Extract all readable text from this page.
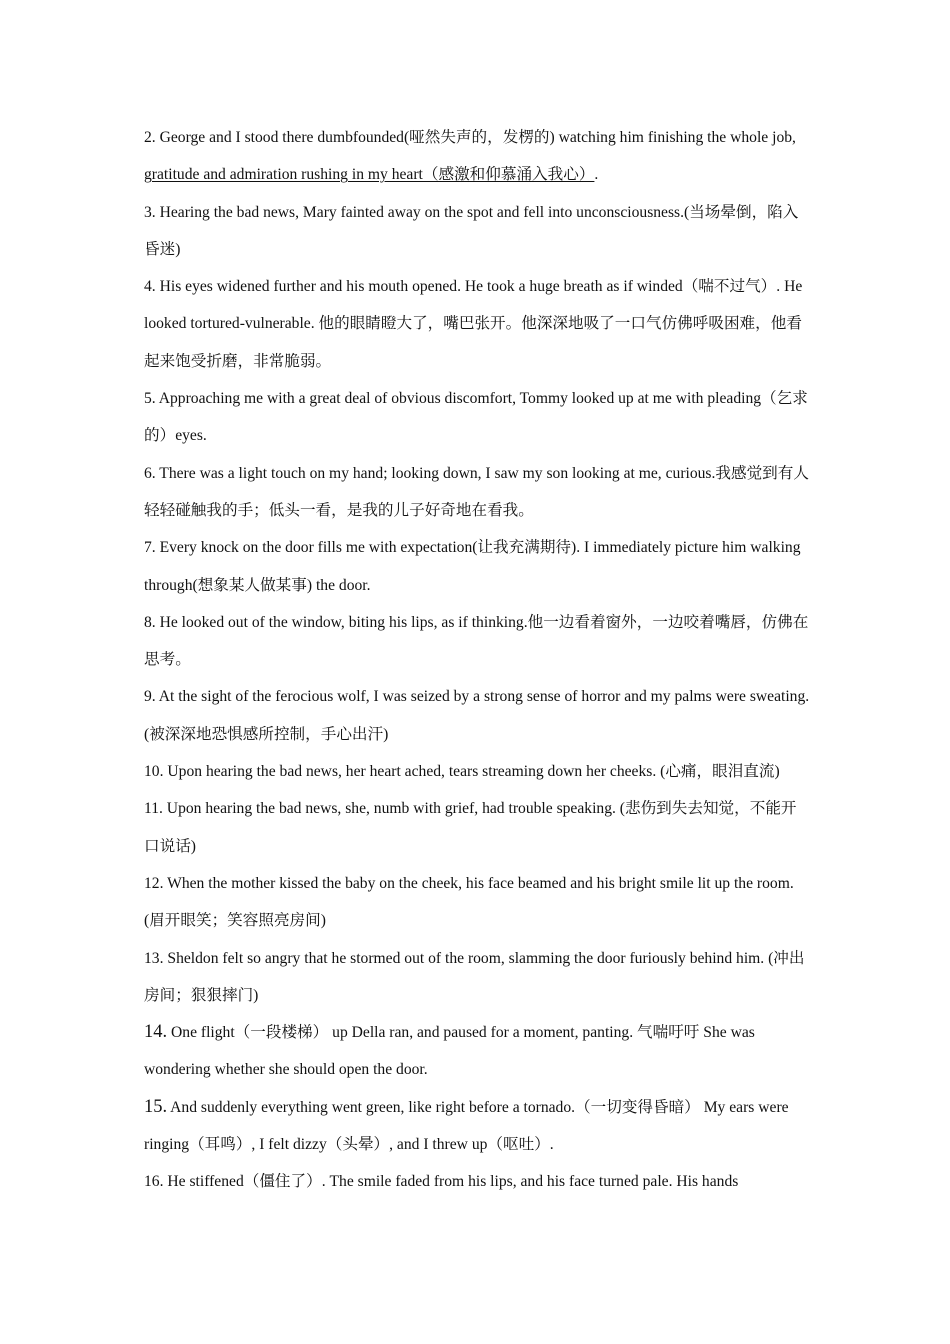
2. George and I stood there dumbfounded(哑然失声的，发楞的) watching him finishing the whole job, gratitude and admiration rushing in my heart（感激和仰慕涌入我心）.

3. Hearing the bad news, Mary fainted away on the spot and fell into unconsciousness.(当场晕倒，陷入昏迷)

4. His eyes widened further and his mouth opened. He took a huge breath as if winded（喘不过气）. He looked tortured-vulnerable. 他的眼睛瞪大了，嘴巴张开。他深深地吸了一口气仿佛呼吸困难，他看起来饱受折磨，非常脆弱。

5. Approaching me with a great deal of obvious discomfort, Tommy looked up at me with pleading（乞求的）eyes.

6. There was a light touch on my hand; looking down, I saw my son looking at me, curious.我感觉到有人轻轻碰触我的手；低头一看，是我的儿子好奇地在看我。

7. Every knock on the door fills me with expectation(让我充满期待). I immediately picture him walking through(想象某人做某事) the door.

8. He looked out of the window, biting his lips, as if thinking.他一边看着窗外，一边咬着嘴唇，仿佛在思考。

9. At the sight of the ferocious wolf, I was seized by a strong sense of horror and my palms were sweating. (被深深地恐惧感所控制，手心出汗)

10. Upon hearing the bad news, her heart ached, tears streaming down her cheeks. (心痛，眼泪直流)

11. Upon hearing the bad news, she, numb with grief, had trouble speaking. (悲伤到失去知觉，不能开口说话)

12. When the mother kissed the baby on the cheek, his face beamed and his bright smile lit up the room. (眉开眼笑；笑容照亮房间)

13. Sheldon felt so angry that he stormed out of the room, slamming the door furiously behind him. (冲出房间；狠狠摔门)

14. One flight（一段楼梯） up Della ran, and paused for a moment, panting. 气喘吁吁 She was wondering whether she should open the door.

15. And suddenly everything went green, like right before a tornado.（一切变得昏暗） My ears were ringing（耳鸣）, I felt dizzy（头晕）, and I threw up（呕吐）.

16. He stiffened（僵住了）. The smile faded from his lips, and his face turned pale. His hands
